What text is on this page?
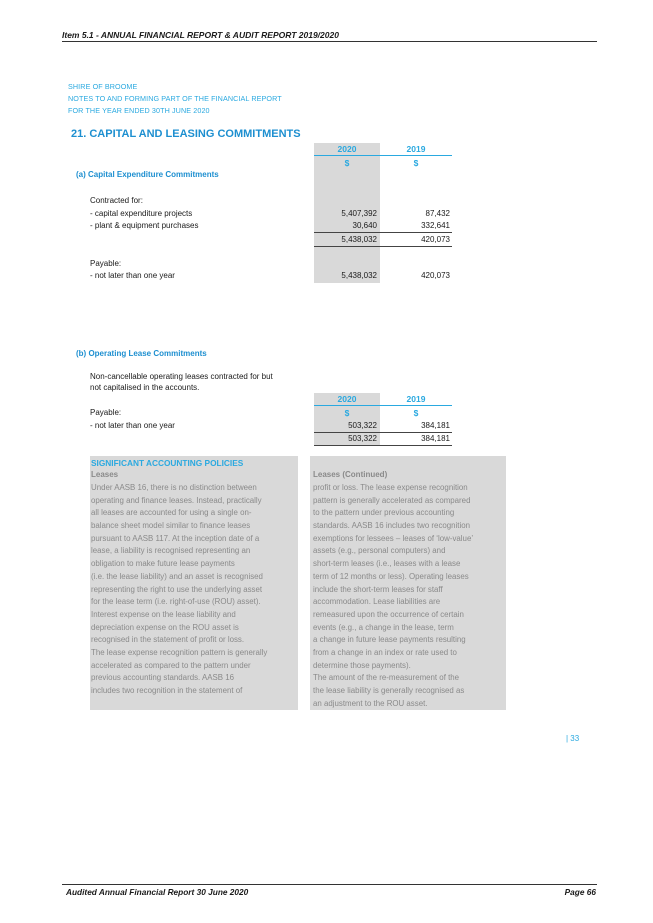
Item 5.1 - ANNUAL FINANCIAL REPORT & AUDIT REPORT 2019/2020
SHIRE OF BROOME
NOTES TO AND FORMING PART OF THE FINANCIAL REPORT
FOR THE YEAR ENDED 30TH JUNE 2020
21. CAPITAL AND LEASING COMMITMENTS
2020	2019
$	$
(a) Capital Expenditure Commitments
Contracted for:
- capital expenditure projects	5,407,392	87,432
- plant & equipment purchases	30,640	332,641
5,438,032	420,073
Payable:
- not later than one year	5,438,032	420,073
(b) Operating Lease Commitments
Non-cancellable operating leases contracted for but
not capitalised in the accounts.
2020	2019
$	$
Payable:
- not later than one year	503,322	384,181
503,322	384,181
SIGNIFICANT ACCOUNTING POLICIES
Leases
Under AASB 16, there is no distinction between
operating and finance leases. Instead, practically
all leases are accounted for using a single on-
balance sheet model similar to finance leases
pursuant to AASB 117. At the inception date of a
lease, a liability is recognised representing an
obligation to make future lease payments
(i.e. the lease liability) and an asset is recognised
representing the right to use the underlying asset
for the lease term (i.e. right-of-use (ROU) asset).
Interest expense on the lease liability and
depreciation expense on the ROU asset is
recognised in the statement of profit or loss.
The lease expense recognition pattern is generally
accelerated as compared to the pattern under
previous accounting standards. AASB 16
includes two recognition in the statement of
Leases (Continued)
profit or loss. The lease expense recognition
pattern is generally accelerated as compared
to the pattern under previous accounting
standards. AASB 16 includes two recognition
exemptions for lessees – leases of ‘low-value’
assets (e.g., personal computers) and
short-term leases (i.e., leases with a lease
term of 12 months or less). Operating leases
include the short-term leases for staff
accommodation. Lease liabilities are
remeasured upon the occurrence of certain
events (e.g., a change in the lease, term
a change in future lease payments resulting
from a change in an index or rate used to
determine those payments).
The amount of the re-measurement of the
the lease liability is generally recognised as
an adjustment to the ROU asset.
| 33
Audited Annual Financial Report 30 June 2020	Page 66
